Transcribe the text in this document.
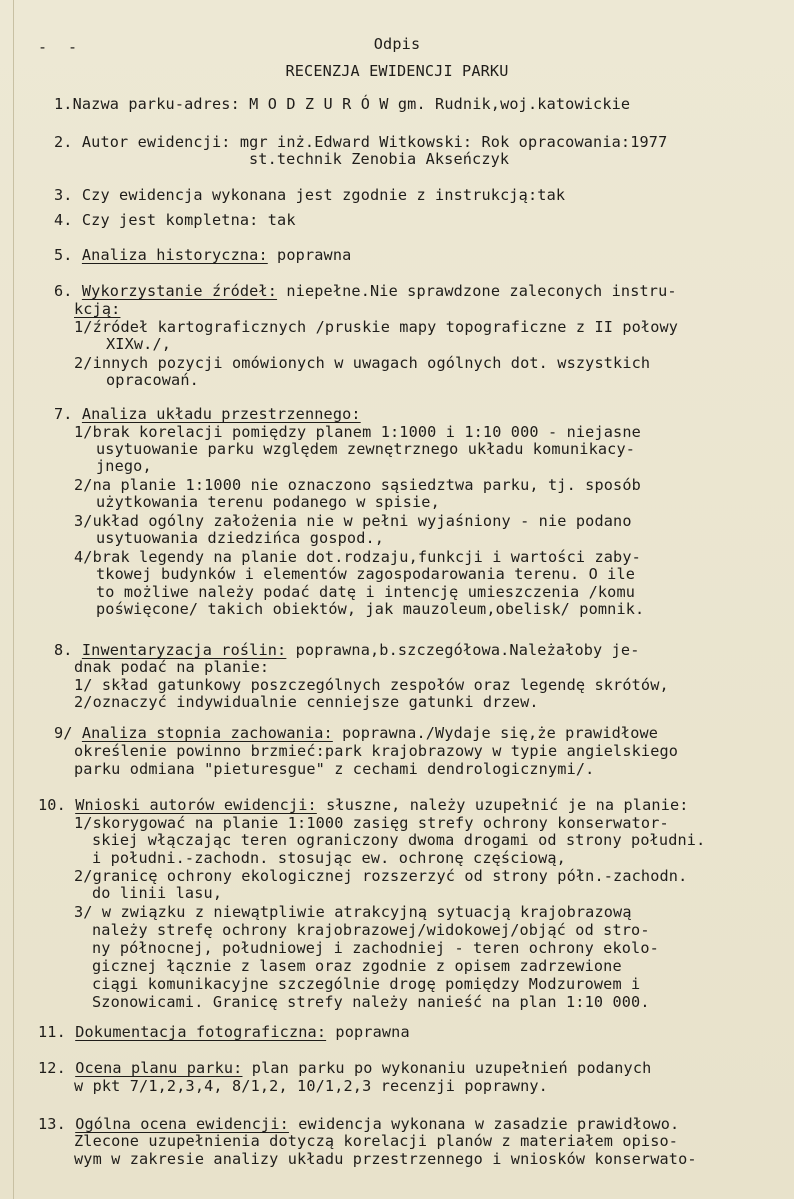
- -	Odpis
RECENZJA EWIDENCJI PARKU
1.Nazwa parku-adres: M O D Z U R Ó W gm. Rudnik,woj.katowickie
2. Autor ewidencji: mgr inż.Edward Witkowski: Rok opracowania:1977
st.technik Zenobia Akseńczyk
3. Czy ewidencja wykonana jest zgodnie z instrukcją:tak
4. Czy jest kompletna: tak
5. Analiza historyczna: poprawna
6. Wykorzystanie źródeł: niepełne.Nie sprawdzone zaleconych instru-
kcją:
1/źródeł kartograficznych /pruskie mapy topograficzne z II połowy
XIXw./,
2/innych pozycji omówionych w uwagach ogólnych dot. wszystkich
opracowań.
7. Analiza układu przestrzennego:
1/brak korelacji pomiędzy planem 1:1000 i 1:10 000 - niejasne
usytuowanie parku względem zewnętrznego układu komunikacy-
jnego,
2/na planie 1:1000 nie oznaczono sąsiedztwa parku, tj. sposób
użytkowania terenu podanego w spisie,
3/układ ogólny założenia nie w pełni wyjaśniony - nie podano
usytuowania dziedzińca gospod.,
4/brak legendy na planie dot.rodzaju,funkcji i wartości zaby-
tkowej budynków i elementów zagospodarowania terenu. O ile
to możliwe należy podać datę i intencję umieszczenia /komu
poświęcone/ takich obiektów, jak mauzoleum,obelisk/ pomnik.
8. Inwentaryzacja roślin: poprawna,b.szczegółowa.Należałoby je-
dnak podać na planie:
1/ skład gatunkowy poszczególnych zespołów oraz legendę skrótów,
2/oznaczyć indywidualnie cenniejsze gatunki drzew.
9/ Analiza stopnia zachowania: poprawna./Wydaje się,że prawidłowe
określenie powinno brzmieć:park krajobrazowy w typie angielskiego
parku odmiana "pieturesgue" z cechami dendrologicznymi/.
10. Wnioski autorów ewidencji: słuszne, należy uzupełnić je na planie:
1/skorygować na planie 1:1000 zasięg strefy ochrony konserwator-
skiej włączając teren ograniczony dwoma drogami od strony południ.
i południ.-zachodn. stosując ew. ochronę częściową,
2/granicę ochrony ekologicznej rozszerzyć od strony półn.-zachodn.
do linii lasu,
3/ w związku z niewątpliwie atrakcyjną sytuacją krajobrazową
należy strefę ochrony krajobrazowej/widokowej/objąć od stro-
ny północnej, południowej i zachodniej - teren ochrony ekolo-
gicznej łącznie z lasem oraz zgodnie z opisem zadrzewione
ciągi komunikacyjne szczególnie drogę pomiędzy Modzurowem i
Szonowicami. Granicę strefy należy nanieść na plan 1:10 000.
11. Dokumentacja fotograficzna: poprawna
12. Ocena planu parku: plan parku po wykonaniu uzupełnień podanych
w pkt 7/1,2,3,4, 8/1,2, 10/1,2,3 recenzji poprawny.
13. Ogólna ocena ewidencji: ewidencja wykonana w zasadzie prawidłowo.
Zlecone uzupełnienia dotyczą korelacji planów z materiałem opiso-
wym w zakresie analizy układu przestrzennego i wniosków konserwato-
